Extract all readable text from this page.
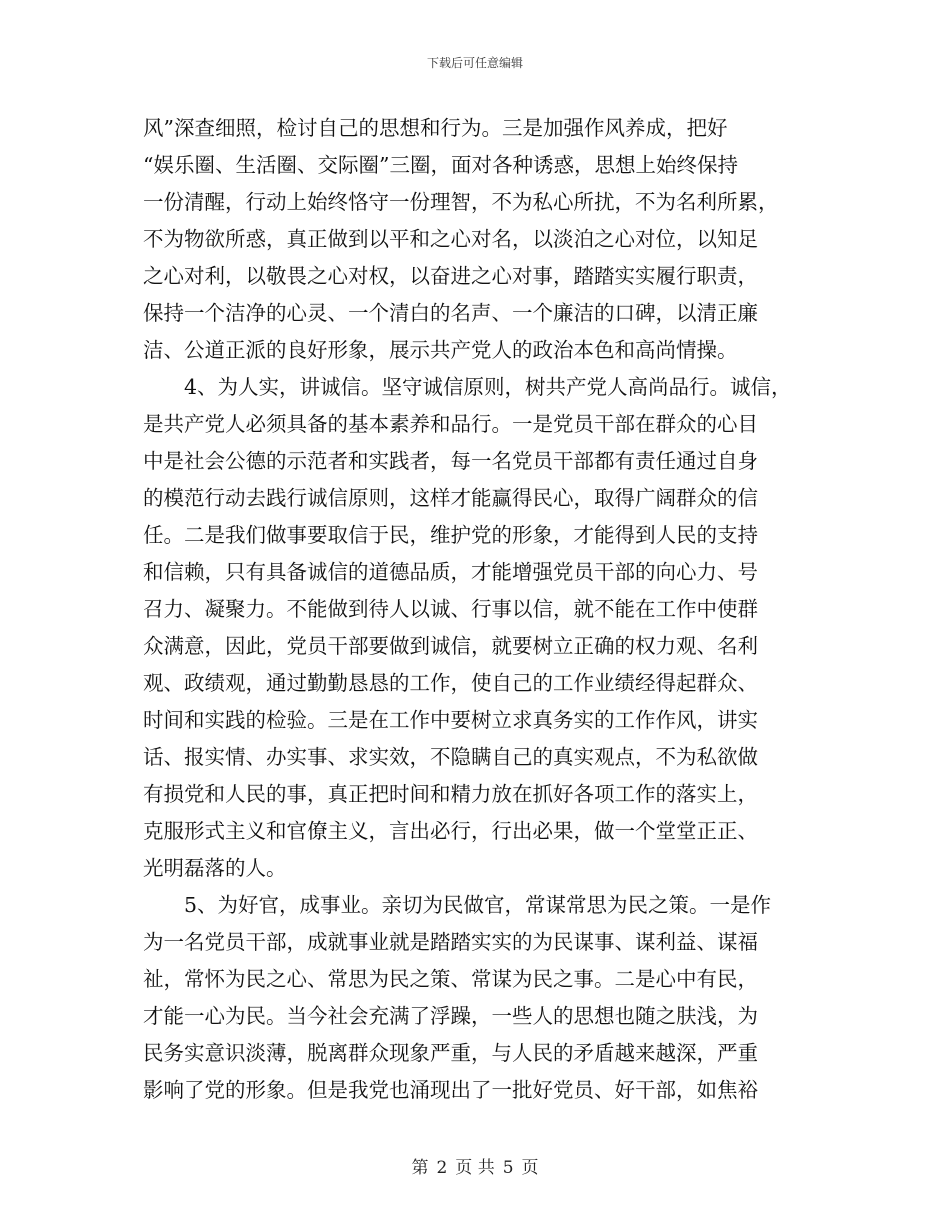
下载后可任意编辑
风”深查细照，检讨自己的思想和行为。三是加强作风养成，把好
“娱乐圈、生活圈、交际圈”三圈，面对各种诱惑，思想上始终保持
一份清醒，行动上始终恪守一份理智，不为私心所扰，不为名利所累，
不为物欲所惑，真正做到以平和之心对名，以淡泊之心对位，以知足
之心对利，以敬畏之心对权，以奋进之心对事，踏踏实实履行职责，
保持一个洁净的心灵、一个清白的名声、一个廉洁的口碑，以清正廉
洁、公道正派的良好形象，展示共产党人的政治本色和高尚情操。
4、为人实，讲诚信。坚守诚信原则，树共产党人高尚品行。诚信，
是共产党人必须具备的基本素养和品行。一是党员干部在群众的心目
中是社会公德的示范者和实践者，每一名党员干部都有责任通过自身
的模范行动去践行诚信原则，这样才能赢得民心，取得广阔群众的信
任。二是我们做事要取信于民，维护党的形象，才能得到人民的支持
和信赖，只有具备诚信的道德品质，才能增强党员干部的向心力、号
召力、凝聚力。不能做到待人以诚、行事以信，就不能在工作中使群
众满意，因此，党员干部要做到诚信，就要树立正确的权力观、名利
观、政绩观，通过勤勤恳恳的工作，使自己的工作业绩经得起群众、
时间和实践的检验。三是在工作中要树立求真务实的工作作风，讲实
话、报实情、办实事、求实效，不隐瞒自己的真实观点，不为私欲做
有损党和人民的事，真正把时间和精力放在抓好各项工作的落实上，
克服形式主义和官僚主义，言出必行，行出必果，做一个堂堂正正、
光明磊落的人。
5、为好官，成事业。亲切为民做官，常谋常思为民之策。一是作
为一名党员干部，成就事业就是踏踏实实的为民谋事、谋利益、谋福
祉，常怀为民之心、常思为民之策、常谋为民之事。二是心中有民，
才能一心为民。当今社会充满了浮躁，一些人的思想也随之肤浅，为
民务实意识淡薄，脱离群众现象严重，与人民的矛盾越来越深，严重
影响了党的形象。但是我党也涌现出了一批好党员、好干部，如焦裕
第 2 页 共 5 页
